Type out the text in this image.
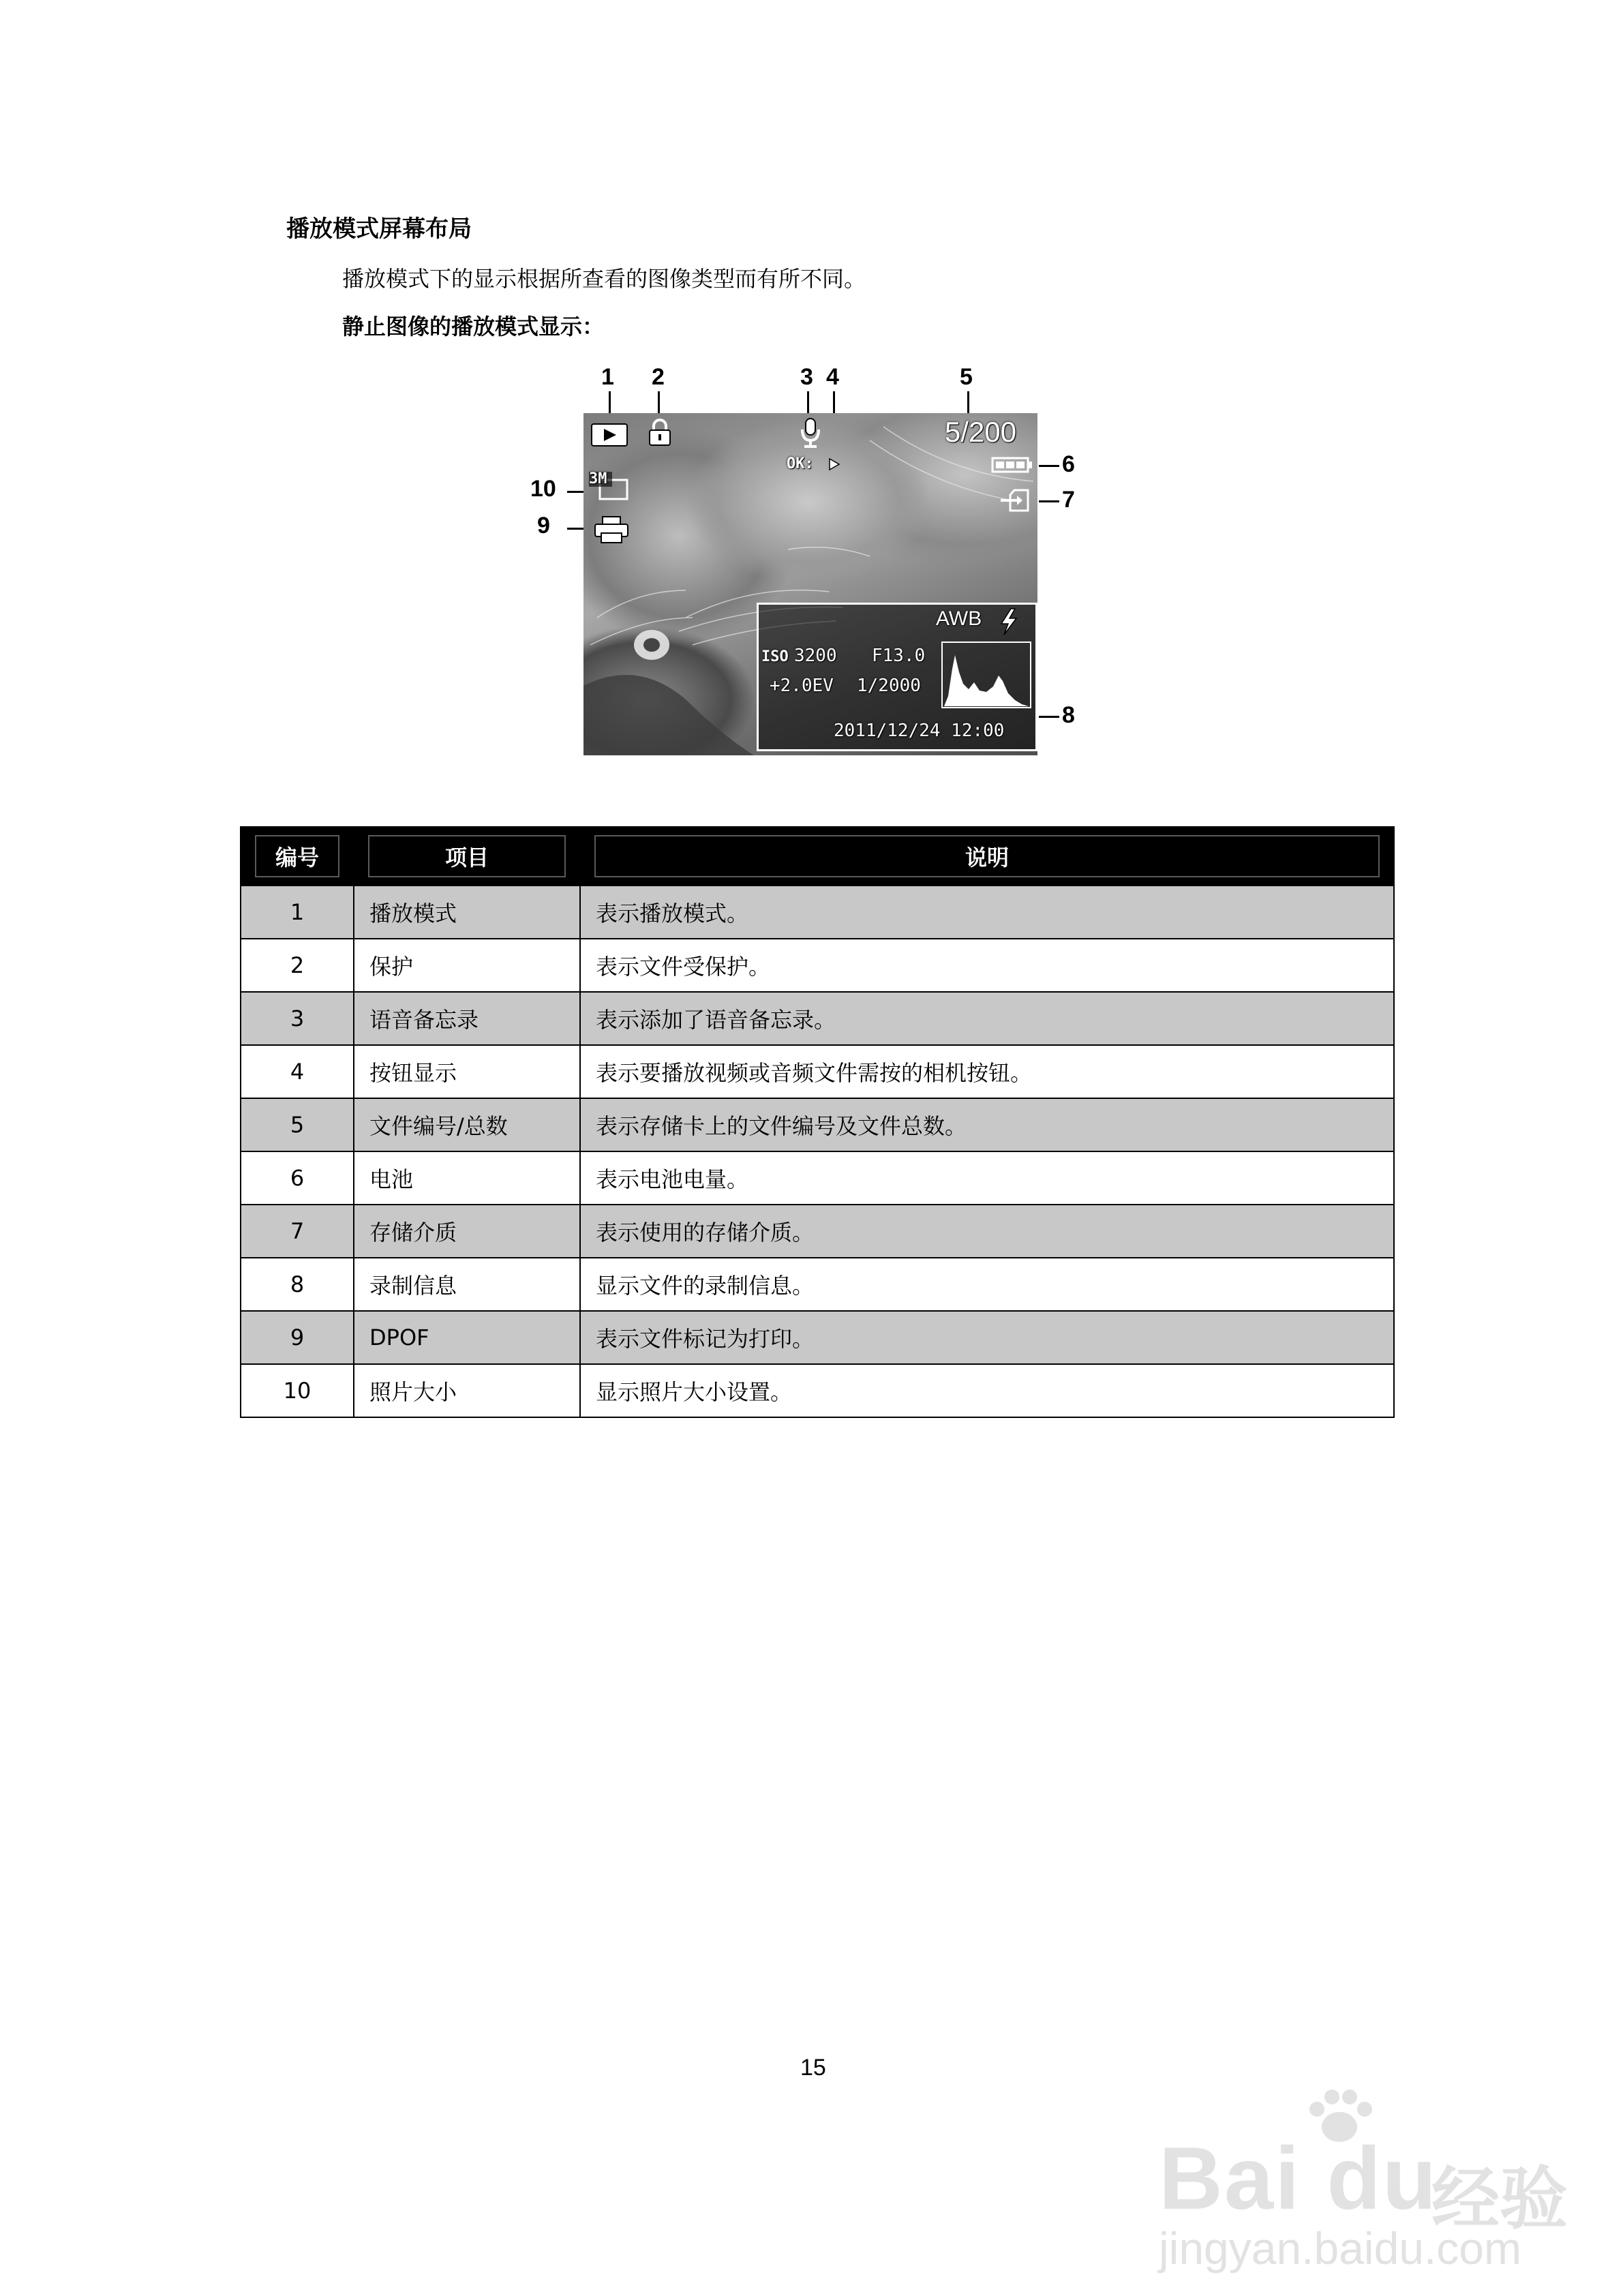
播放模式屏幕布局
播放模式下的显示根据所查看的图像类型而有所不同。
静止图像的播放模式显示：
1 2	3 4	5
6
7
8
9
10
OK:
5/200
3M
AWB
ISO 3200 F13.0
+2.0EV 1/2000
2011/12/24 12:00
编号	项目	说明
1	播放模式	表示播放模式。
2	保护	表示文件受保护。
3	语音备忘录	表示添加了语音备忘录。
4	按钮显示	表示要播放视频或音频文件需按的相机按钮。
5	文件编号/总数	表示存储卡上的文件编号及文件总数。
6	电池	表示电池电量。
7	存储介质	表示使用的存储介质。
8	录制信息	显示文件的录制信息。
9	DPOF	表示文件标记为打印。
10	照片大小	显示照片大小设置。
15
Bai du
经验
jingyan.baidu.com
